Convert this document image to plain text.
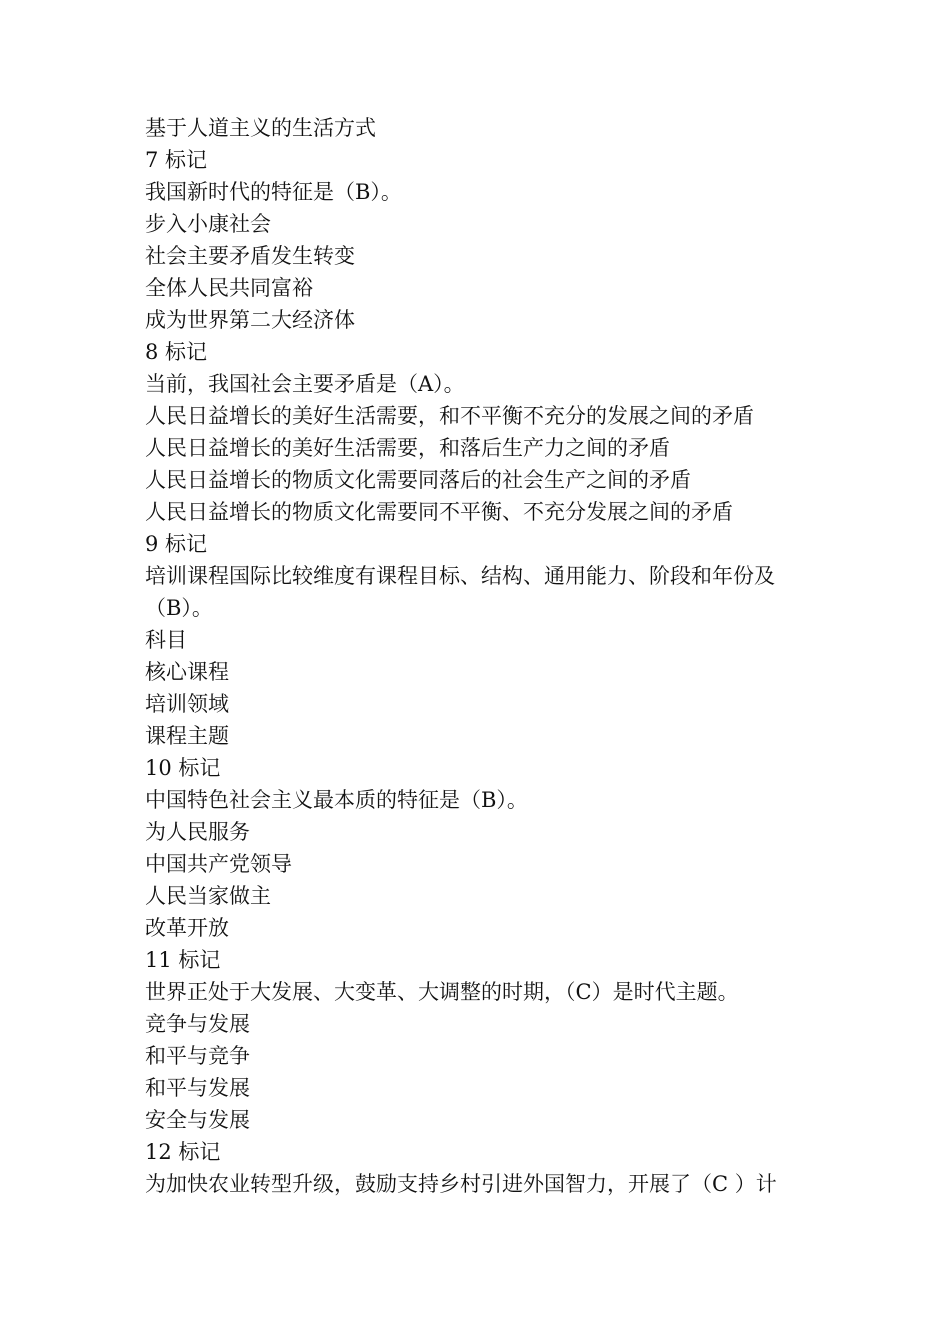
基于人道主义的生活方式
7 标记
我国新时代的特征是（B）。
步入小康社会
社会主要矛盾发生转变
全体人民共同富裕
成为世界第二大经济体
8 标记
当前，我国社会主要矛盾是（A）。
人民日益增长的美好生活需要，和不平衡不充分的发展之间的矛盾
人民日益增长的美好生活需要，和落后生产力之间的矛盾
人民日益增长的物质文化需要同落后的社会生产之间的矛盾
人民日益增长的物质文化需要同不平衡、不充分发展之间的矛盾
9 标记
培训课程国际比较维度有课程目标、结构、通用能力、阶段和年份及（B）。
科目
核心课程
培训领域
课程主题
10 标记
中国特色社会主义最本质的特征是（B）。
为人民服务
中国共产党领导
人民当家做主
改革开放
11 标记
世界正处于大发展、大变革、大调整的时期，（C）是时代主题。
竞争与发展
和平与竞争
和平与发展
安全与发展
12 标记
为加快农业转型升级，鼓励支持乡村引进外国智力，开展了（C ）计
